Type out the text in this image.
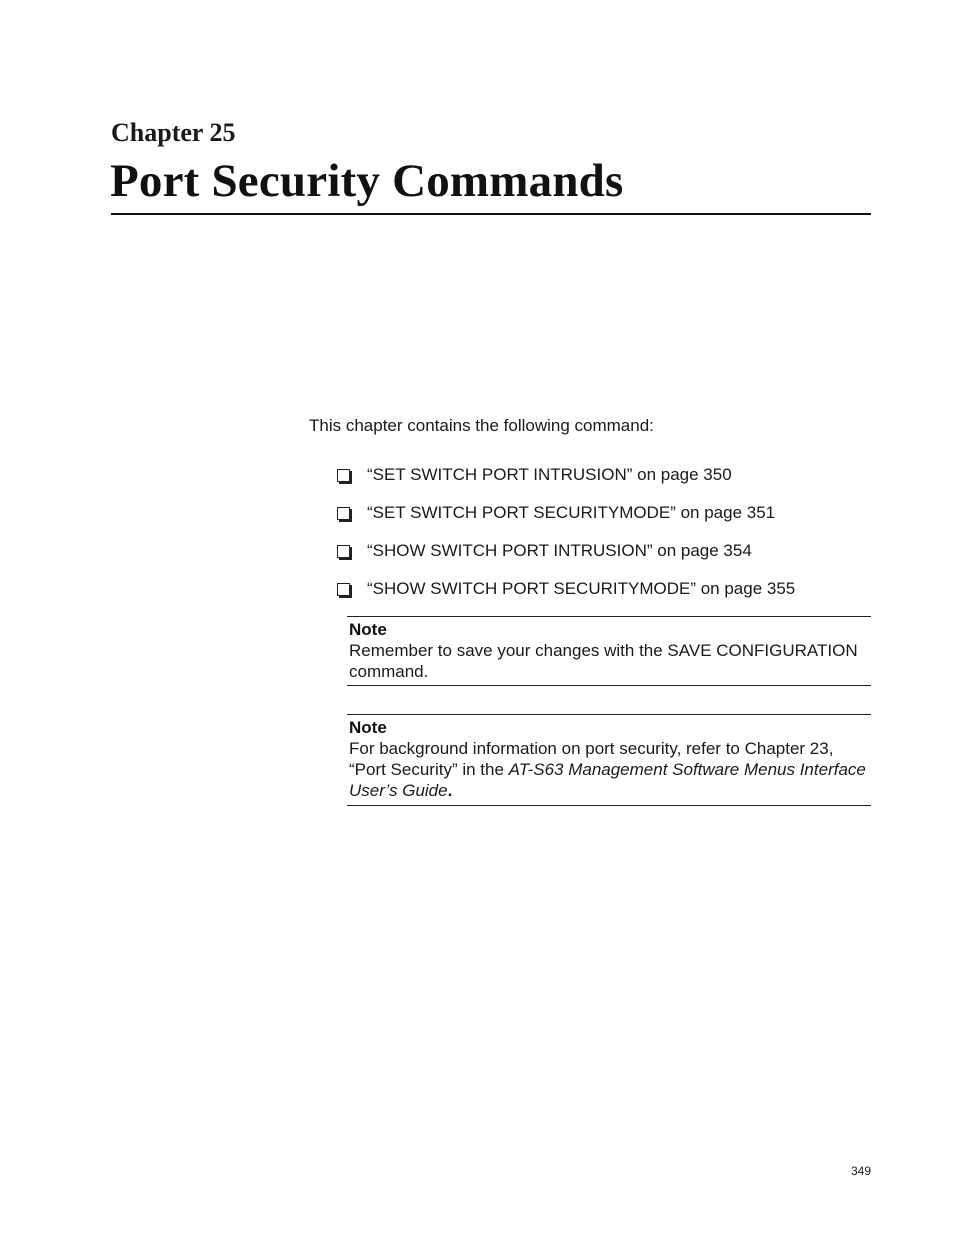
Chapter 25
Port Security Commands
This chapter contains the following command:
“SET SWITCH PORT INTRUSION” on page 350
“SET SWITCH PORT SECURITYMODE” on page 351
“SHOW SWITCH PORT INTRUSION” on page 354
“SHOW SWITCH PORT SECURITYMODE” on page 355
Note
Remember to save your changes with the SAVE CONFIGURATION command.
Note
For background information on port security, refer to Chapter 23, “Port Security” in the AT-S63 Management Software Menus Interface User’s Guide.
349
